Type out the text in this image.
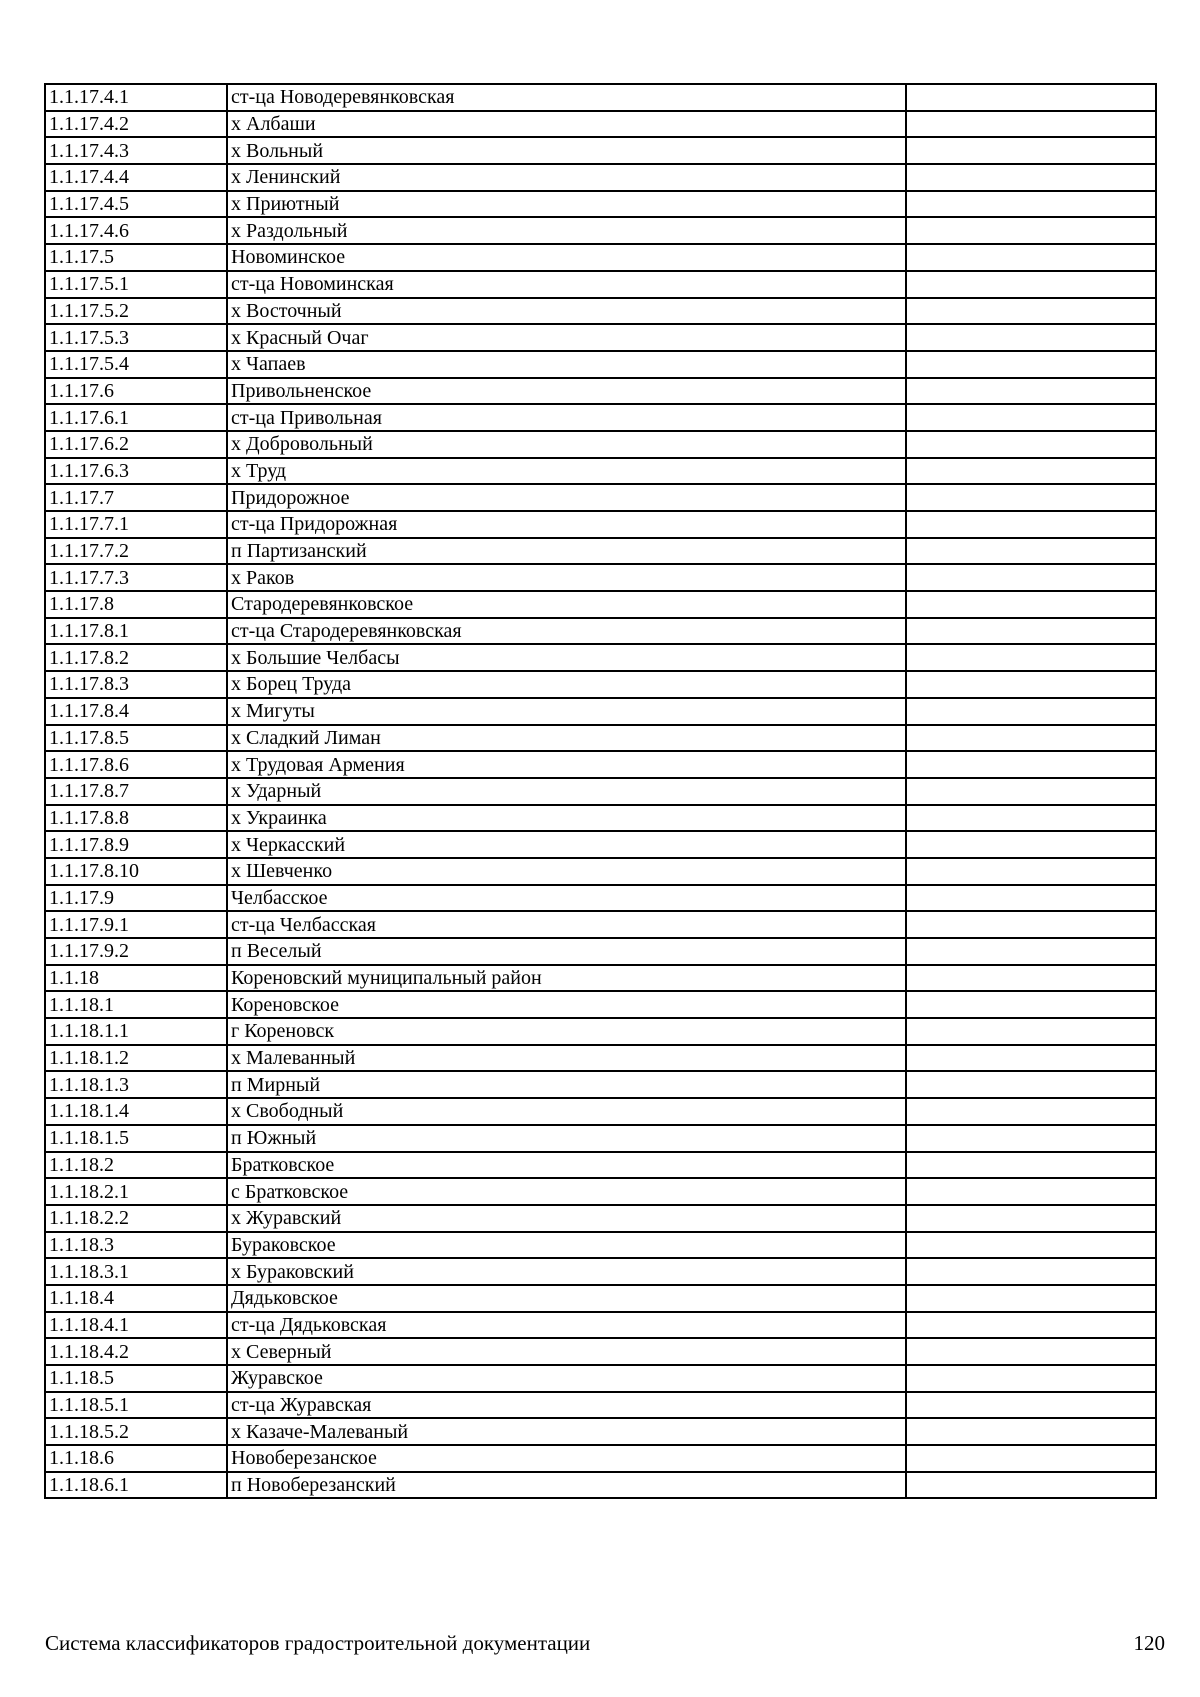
1.1.17.4.1	ст-ца Новодеревянковская	
1.1.17.4.2	х Албаши	
1.1.17.4.3	х Вольный	
1.1.17.4.4	х Ленинский	
1.1.17.4.5	х Приютный	
1.1.17.4.6	х Раздольный	
1.1.17.5	Новоминское	
1.1.17.5.1	ст-ца Новоминская	
1.1.17.5.2	х Восточный	
1.1.17.5.3	х Красный Очаг	
1.1.17.5.4	х Чапаев	
1.1.17.6	Привольненское	
1.1.17.6.1	ст-ца Привольная	
1.1.17.6.2	х Добровольный	
1.1.17.6.3	х Труд	
1.1.17.7	Придорожное	
1.1.17.7.1	ст-ца Придорожная	
1.1.17.7.2	п Партизанский	
1.1.17.7.3	х Раков	
1.1.17.8	Стародеревянковское	
1.1.17.8.1	ст-ца Стародеревянковская	
1.1.17.8.2	х Большие Челбасы	
1.1.17.8.3	х Борец Труда	
1.1.17.8.4	х Мигуты	
1.1.17.8.5	х Сладкий Лиман	
1.1.17.8.6	х Трудовая Армения	
1.1.17.8.7	х Ударный	
1.1.17.8.8	х Украинка	
1.1.17.8.9	х Черкасский	
1.1.17.8.10	х Шевченко	
1.1.17.9	Челбасское	
1.1.17.9.1	ст-ца Челбасская	
1.1.17.9.2	п Веселый	
1.1.18	Кореновский муниципальный район	
1.1.18.1	Кореновское	
1.1.18.1.1	г Кореновск	
1.1.18.1.2	х Малеванный	
1.1.18.1.3	п Мирный	
1.1.18.1.4	х Свободный	
1.1.18.1.5	п Южный	
1.1.18.2	Братковское	
1.1.18.2.1	с Братковское	
1.1.18.2.2	х Журавский	
1.1.18.3	Бураковское	
1.1.18.3.1	х Бураковский	
1.1.18.4	Дядьковское	
1.1.18.4.1	ст-ца Дядьковская	
1.1.18.4.2	х Северный	
1.1.18.5	Журавское	
1.1.18.5.1	ст-ца Журавская	
1.1.18.5.2	х Казаче-Малеваный	
1.1.18.6	Новоберезанское	
1.1.18.6.1	п Новоберезанский	
Система классификаторов градостроительной документации	120
